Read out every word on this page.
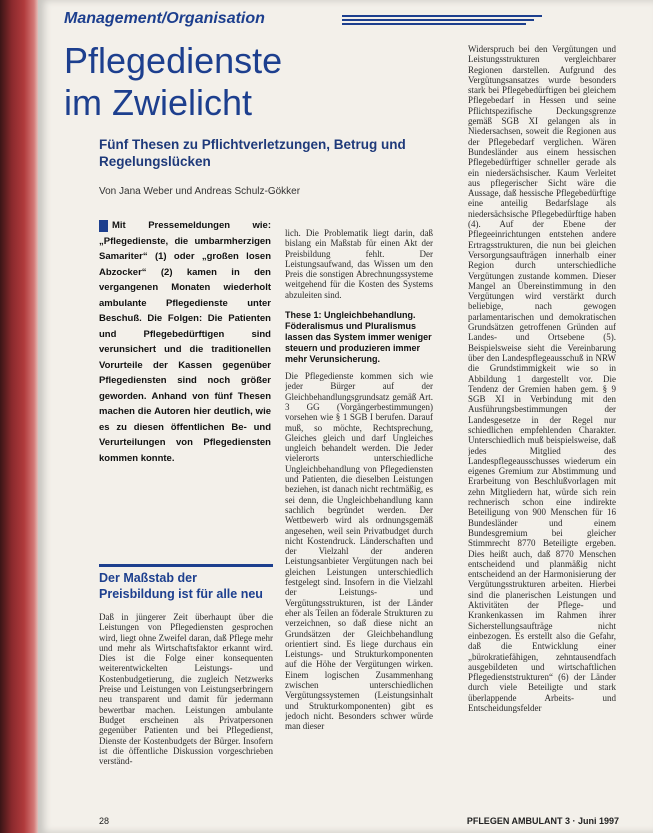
Management/Organisation
Pflegedienste
im Zwielicht
Fünf Thesen zu Pflichtverletzungen, Betrug und Regelungslücken
Von Jana Weber und Andreas Schulz-Gökker
Mit Pressemeldungen wie: „Pflegedienste, die umbarmherzigen Samariter“ (1) oder „großen losen Abzocker“ (2) kamen in den vergangenen Monaten wiederholt ambulante Pflegedienste unter Beschuß. Die Folgen: Die Patienten und Pflegebedürftigen sind verunsichert und die traditionellen Vorurteile der Kassen gegenüber Pflegediensten sind noch größer geworden. Anhand von fünf Thesen machen die Autoren hier deutlich, wie es zu diesen öffentlichen Be- und Verurteilungen von Pflegediensten kommen konnte.

lich. Die Problematik liegt darin, daß bislang ein Maßstab für einen Akt der Preisbildung fehlt. Der Leistungsaufwand, das Wissen um den Preis die sonstigen Abrechnungssysteme weitgehend für die Kosten des Systems abzuleiten sind.

These 1: Ungleichbehandlung. Föderalismus und Pluralismus lassen das System immer weniger steuern und produzieren immer mehr Verunsicherung.

Die Pflegedienste kommen sich wie jeder Bürger auf der Gleichbehandlungsgrundsatz gemäß Art. 3 GG (Vorgängerbestimmungen) vorsehen wie § 1 SGB I berufen. Darauf muß, so möchte, Rechtsprechung, Gleiches gleich und darf Ungleiches ungleich behandelt werden. Die Jeder vielerorts unterschiedliche Ungleichbehandlung von Pflegediensten und Patienten, die dieselben Leistungen beziehen, ist danach nicht rechtmäßig, es sei denn, die Ungleichbehandlung kann sachlich begründet werden. Der Wettbewerb wird als ordnungsgemäß angesehen, weil sein Privatbudget durch nicht Kostendruck. Länderschaften und der Vielzahl der anderen Leistungsanbieter Vergütungen nach bei gleichen Leistungen unterschiedlich festgelegt sind. Insofern in die Vielzahl der Leistungs- und Vergütungsstrukturen, ist der Länder eher als Teilen an föderale Strukturen zu verzeichnen, so daß diese nicht an Grundsätzen der Gleichbehandlung orientiert sind. Es liege durchaus ein Leistungs- und Strukturkomponenten auf die Höhe der Vergütungen wirken. Einem logischen Zusammenhang zwischen unterschiedlichen Vergütungssystemen (Leistungsinhalt und Strukturkomponenten) gibt es jedoch nicht. Besonders schwer würde man dieser

Widerspruch bei den Vergütungen und Leistungsstrukturen vergleichbarer Regionen darstellen. Aufgrund des Vergütungsansatzes wurde besonders stark bei Pflegebedürftigen bei gleichem Pflegebedarf in Hessen und seine Pflichtspezifische Deckungsgrenze gemäß SGB XI gelangen als in Niedersachsen, soweit die Regionen aus der Pflegebedarf verglichen. Wären Bundesländer aus einem hessischen Pflegebedürftiger schneller gerade als ein niedersächsischer. Kaum Verleitet aus pflegerischer Sicht wäre die Aussage, daß hessische Pflegebedürftige eine anteilig Bedarfslage als niedersächsische Pflegebedürftige haben (4). Auf der Ebene der Pflegeeinrichtungen entstehen andere Ertragsstrukturen, die nun bei gleichen Versorgungsaufträgen innerhalb einer Region durch unterschiedliche Vergütungen zustande kommen. Dieser Mangel an Übereinstimmung in den Vergütungen wird verstärkt durch beliebige, nach gewogen parlamentarischen und demokratischen Grundsätzen getroffenen Gründen auf Landes- und Ortsebene (5). Beispielsweise sieht die Vereinbarung über den Landespflegeausschuß in NRW die Grundstimmigkeit wie so in Abbildung 1 dargestellt vor. Die Tendenz der Gremien haben gem. § 9 SGB XI in Verbindung mit den Ausführungsbestimmungen der Landesgesetze in der Regel nur schiedlichen empfehlenden Charakter. Unterschiedlich muß beispielsweise, daß jedes Mitglied des Landespflegeausschusses wiederum ein eigenes Gremium zur Abstimmung und Erarbeitung von Beschlußvorlagen mit zehn Mitgliedern hat, würde sich rein rechnerisch schon eine indirekte Beteiligung von 900 Menschen für 16 Bundesländer und einem Bundesgremium bei gleicher Stimmrecht 8770 Beteiligte ergeben. Dies heißt auch, daß 8770 Menschen entscheidend und planmäßig nicht entscheidend an der Harmonisierung der Vergütungsstrukturen arbeiten. Hierbei sind die planerischen Leistungen und Aktivitäten der Pflege- und Krankenkassen im Rahmen ihrer Sicherstellungsaufträge nicht einbezogen. Es erstellt also die Gefahr, daß die Entwicklung einer „bürokratiefähigen, zehntausendfach ausgebildeten und wirtschaftlichen Pflegedienststrukturen“ (6) der Länder durch viele Beteiligte und stark überlappende Arbeits- und Entscheidungsfelder

Der Maßstab der Preisbildung ist für alle neu

Daß in jüngerer Zeit überhaupt über die Leistungen von Pflegediensten gesprochen wird, liegt ohne Zweifel daran, daß Pflege mehr und mehr als Wirtschaftsfaktor erkannt wird. Dies ist die Folge einer konsequenten weiterentwickelten Leistungs- und Kostenbudgetierung, die zugleich Netzwerks Preise und Leistungen von Leistungserbringern neu transparent und damit für jedermann bewertbar machen. Leistungen ambulante Budget erscheinen als Privatpersonen gegenüber Patienten und bei Pflegedienst, Dienste der Kostenbudgets der Bürger. Insofern ist die öffentliche Diskussion vorgeschrieben verständ-

28	PFLEGEN AMBULANT 3 · Juni 1997
